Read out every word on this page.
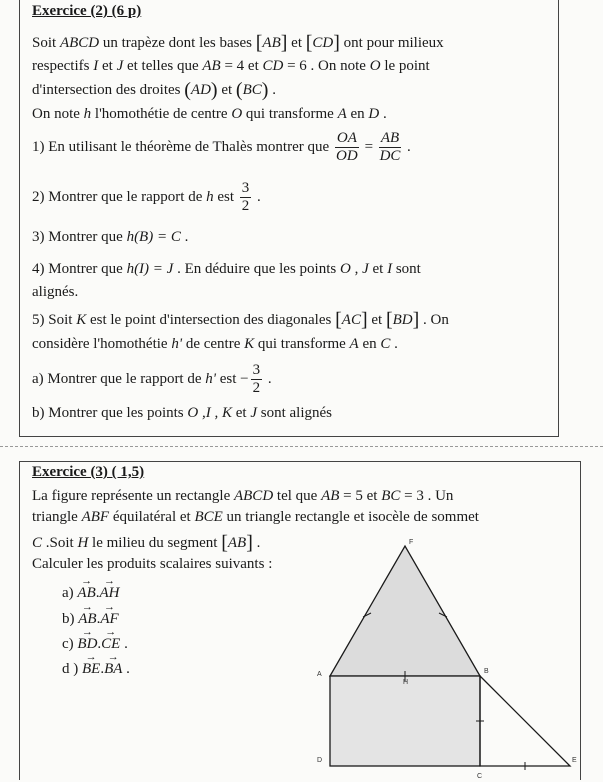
Exercice (2) (6 p)
Soit ABCD un trapèze dont les bases [AB] et [CD] ont pour milieux
respectifs I et J et telles que AB = 4 et CD = 6 . On note O le point
d'intersection des droites (AD) et (BC) .
On note h l'homothétie de centre O qui transforme A en D .
1) En utilisant le théorème de Thalès montrer que $\frac{OA}{OD} = \frac{AB}{DC}$ .
2) Montrer que le rapport de h est $\frac{3}{2}$ .
3) Montrer que h(B) = C .
4) Montrer que h(I) = J . En déduire que les points O , J et I sont
alignés.
5) Soit K est le point d'intersection des diagonales [AC] et [BD] . On
considère l'homothétie h' de centre K qui transforme A en C .
a) Montrer que le rapport de h' est − $\frac{3}{2}$ .
b) Montrer que les points O ,I , K et J sont alignés
Exercice (3) ( 1,5)
La figure représente un rectangle ABCD tel que AB = 5 et BC = 3 . Un
triangle ABF équilatéral et BCE un triangle rectangle et isocèle de sommet
C .Soit H le milieu du segment [AB] .
Calculer les produits scalaires suivants :
a) → AB.→ AH
b) → AB.→ AF
c) → BD.→ CE .
d ) → BE.→ BA .
F
A	B
H
D
C
E
